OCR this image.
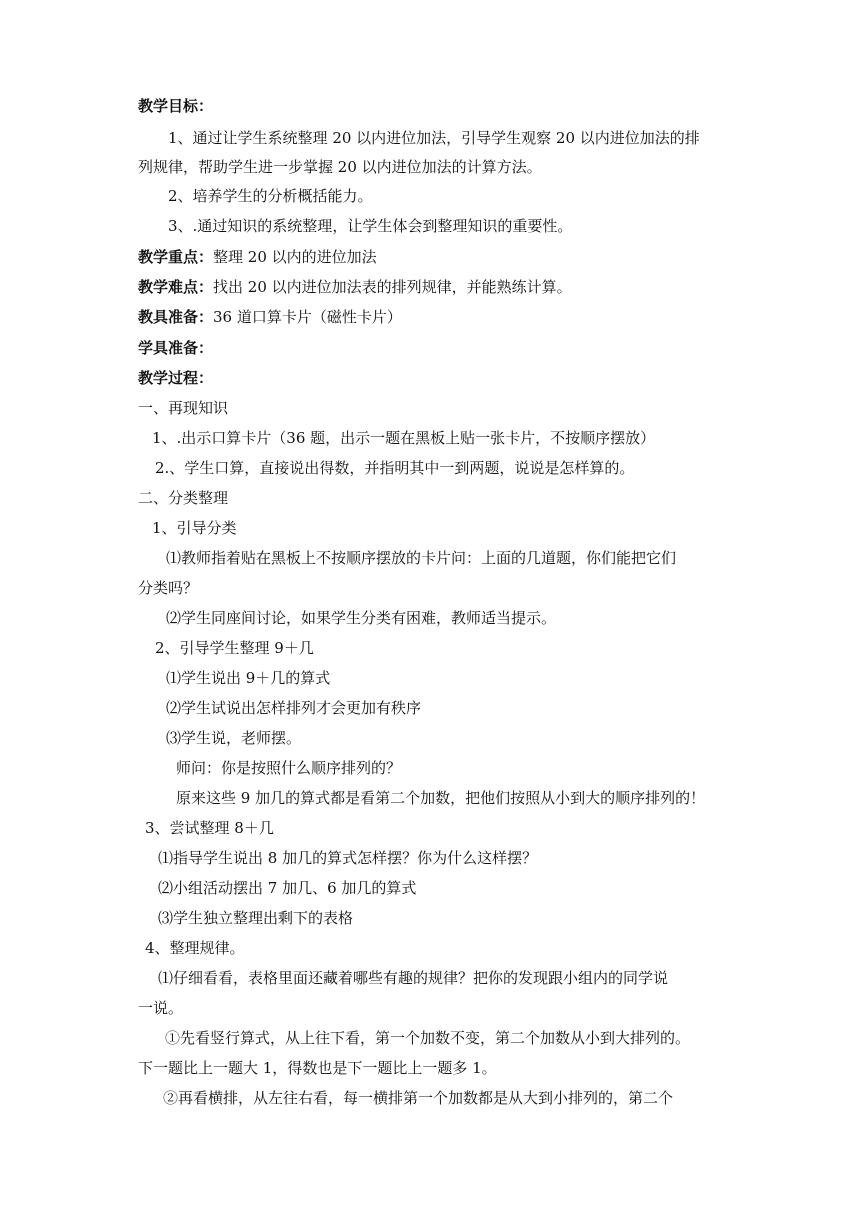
教学目标：
1、通过让学生系统整理 20 以内进位加法，引导学生观察 20 以内进位加法的排
列规律，帮助学生进一步掌握 20 以内进位加法的计算方法。
2、培养学生的分析概括能力。
3、.通过知识的系统整理，让学生体会到整理知识的重要性。
教学重点：整理 20 以内的进位加法
教学难点：找出 20 以内进位加法表的排列规律，并能熟练计算。
教具准备：36 道口算卡片（磁性卡片）
学具准备：
教学过程：
一、再现知识
1、.出示口算卡片（36 题，出示一题在黑板上贴一张卡片，不按顺序摆放）
2.、学生口算，直接说出得数，并指明其中一到两题，说说是怎样算的。
二、分类整理
1、引导分类
⑴教师指着贴在黑板上不按顺序摆放的卡片问：上面的几道题，你们能把它们
分类吗？
⑵学生同座间讨论，如果学生分类有困难，教师适当提示。
2、引导学生整理 9＋几
⑴学生说出 9＋几的算式
⑵学生试说出怎样排列才会更加有秩序
⑶学生说，老师摆。
师问：你是按照什么顺序排列的？
原来这些 9 加几的算式都是看第二个加数，把他们按照从小到大的顺序排列的！
3、尝试整理 8＋几
⑴指导学生说出 8 加几的算式怎样摆？你为什么这样摆？
⑵小组活动摆出 7 加几、6 加几的算式
⑶学生独立整理出剩下的表格
4、整理规律。
⑴仔细看看，表格里面还藏着哪些有趣的规律？把你的发现跟小组内的同学说
一说。
①先看竖行算式，从上往下看，第一个加数不变，第二个加数从小到大排列的。
下一题比上一题大 1，得数也是下一题比上一题多 1。
②再看横排，从左往右看，每一横排第一个加数都是从大到小排列的，第二个
